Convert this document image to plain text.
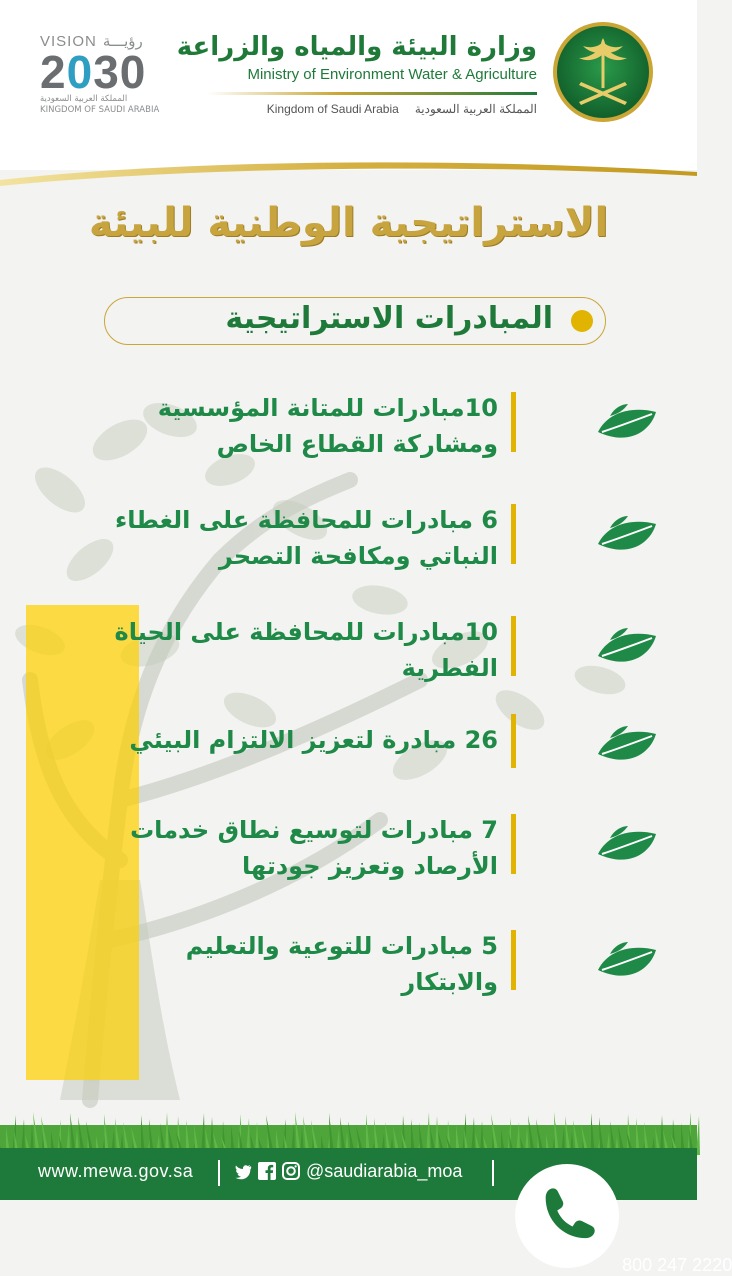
VISION رؤيـــة
2030
المملكة العربية السعودية
KINGDOM OF SAUDI ARABIA
وزارة البيئة والمياه والزراعة
Ministry of Environment Water & Agriculture
Kingdom of Saudi Arabia المملكة العربية السعودية
الاستراتيجية الوطنية للبيئة
المبادرات الاستراتيجية
10مبادرات للمتانة المؤسسية
ومشاركة القطاع الخاص
6 مبادرات للمحافظة على الغطاء
النباتي ومكافحة التصحر
10مبادرات للمحافظة على الحياة
الفطرية
26 مبادرة لتعزيز الالتزام البيئي
7 مبادرات لتوسيع نطاق خدمات
الأرصاد وتعزيز جودتها
5 مبادرات للتوعية والتعليم
والابتكار
www.mewa.gov.sa	@saudiarabia_moa
800 247 2220
